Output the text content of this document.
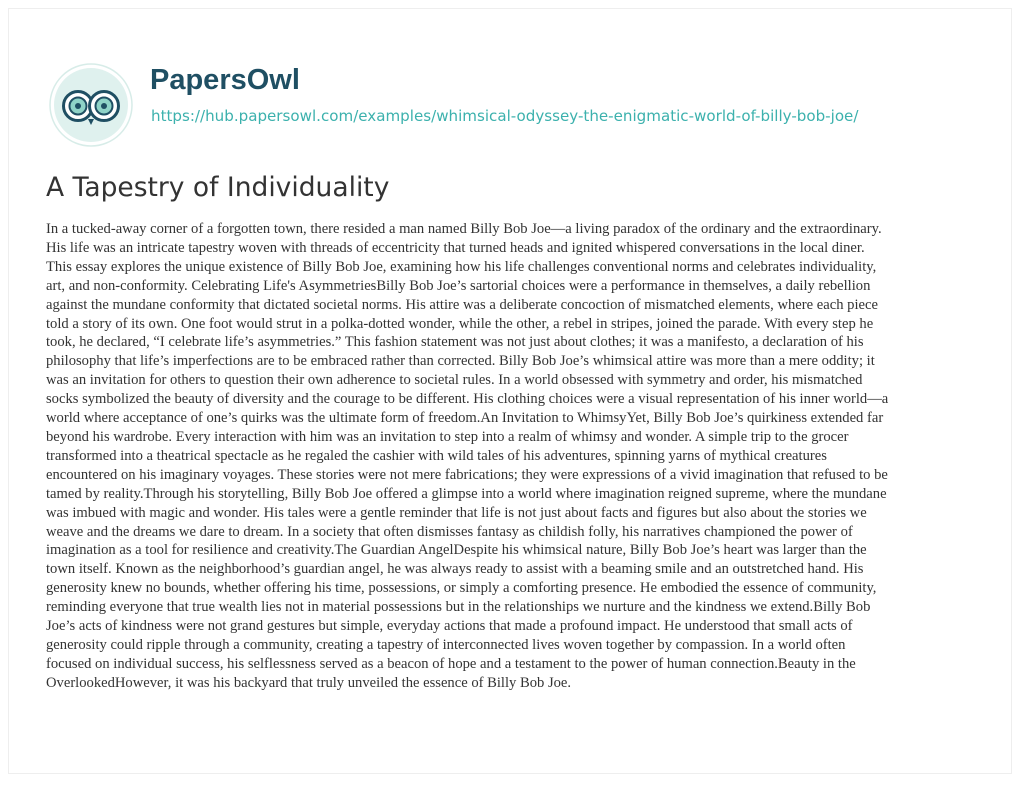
PapersOwl
https://hub.papersowl.com/examples/whimsical-odyssey-the-enigmatic-world-of-billy-bob-joe/
A Tapestry of Individuality
In a tucked-away corner of a forgotten town, there resided a man named Billy Bob Joe—a living paradox of the ordinary and the extraordinary.
His life was an intricate tapestry woven with threads of eccentricity that turned heads and ignited whispered conversations in the local diner.
This essay explores the unique existence of Billy Bob Joe, examining how his life challenges conventional norms and celebrates individuality,
art, and non-conformity. Celebrating Life's AsymmetriesBilly Bob Joe’s sartorial choices were a performance in themselves, a daily rebellion
against the mundane conformity that dictated societal norms. His attire was a deliberate concoction of mismatched elements, where each piece
told a story of its own. One foot would strut in a polka-dotted wonder, while the other, a rebel in stripes, joined the parade. With every step he
took, he declared, “I celebrate life’s asymmetries.” This fashion statement was not just about clothes; it was a manifesto, a declaration of his
philosophy that life’s imperfections are to be embraced rather than corrected. Billy Bob Joe’s whimsical attire was more than a mere oddity; it
was an invitation for others to question their own adherence to societal rules. In a world obsessed with symmetry and order, his mismatched
socks symbolized the beauty of diversity and the courage to be different. His clothing choices were a visual representation of his inner world—a
world where acceptance of one’s quirks was the ultimate form of freedom.An Invitation to WhimsyYet, Billy Bob Joe’s quirkiness extended far
beyond his wardrobe. Every interaction with him was an invitation to step into a realm of whimsy and wonder. A simple trip to the grocer
transformed into a theatrical spectacle as he regaled the cashier with wild tales of his adventures, spinning yarns of mythical creatures
encountered on his imaginary voyages. These stories were not mere fabrications; they were expressions of a vivid imagination that refused to be
tamed by reality.Through his storytelling, Billy Bob Joe offered a glimpse into a world where imagination reigned supreme, where the mundane
was imbued with magic and wonder. His tales were a gentle reminder that life is not just about facts and figures but also about the stories we
weave and the dreams we dare to dream. In a society that often dismisses fantasy as childish folly, his narratives championed the power of
imagination as a tool for resilience and creativity.The Guardian AngelDespite his whimsical nature, Billy Bob Joe’s heart was larger than the
town itself. Known as the neighborhood’s guardian angel, he was always ready to assist with a beaming smile and an outstretched hand. His
generosity knew no bounds, whether offering his time, possessions, or simply a comforting presence. He embodied the essence of community,
reminding everyone that true wealth lies not in material possessions but in the relationships we nurture and the kindness we extend.Billy Bob
Joe’s acts of kindness were not grand gestures but simple, everyday actions that made a profound impact. He understood that small acts of
generosity could ripple through a community, creating a tapestry of interconnected lives woven together by compassion. In a world often
focused on individual success, his selflessness served as a beacon of hope and a testament to the power of human connection.Beauty in the
OverlookedHowever, it was his backyard that truly unveiled the essence of Billy Bob Joe.
